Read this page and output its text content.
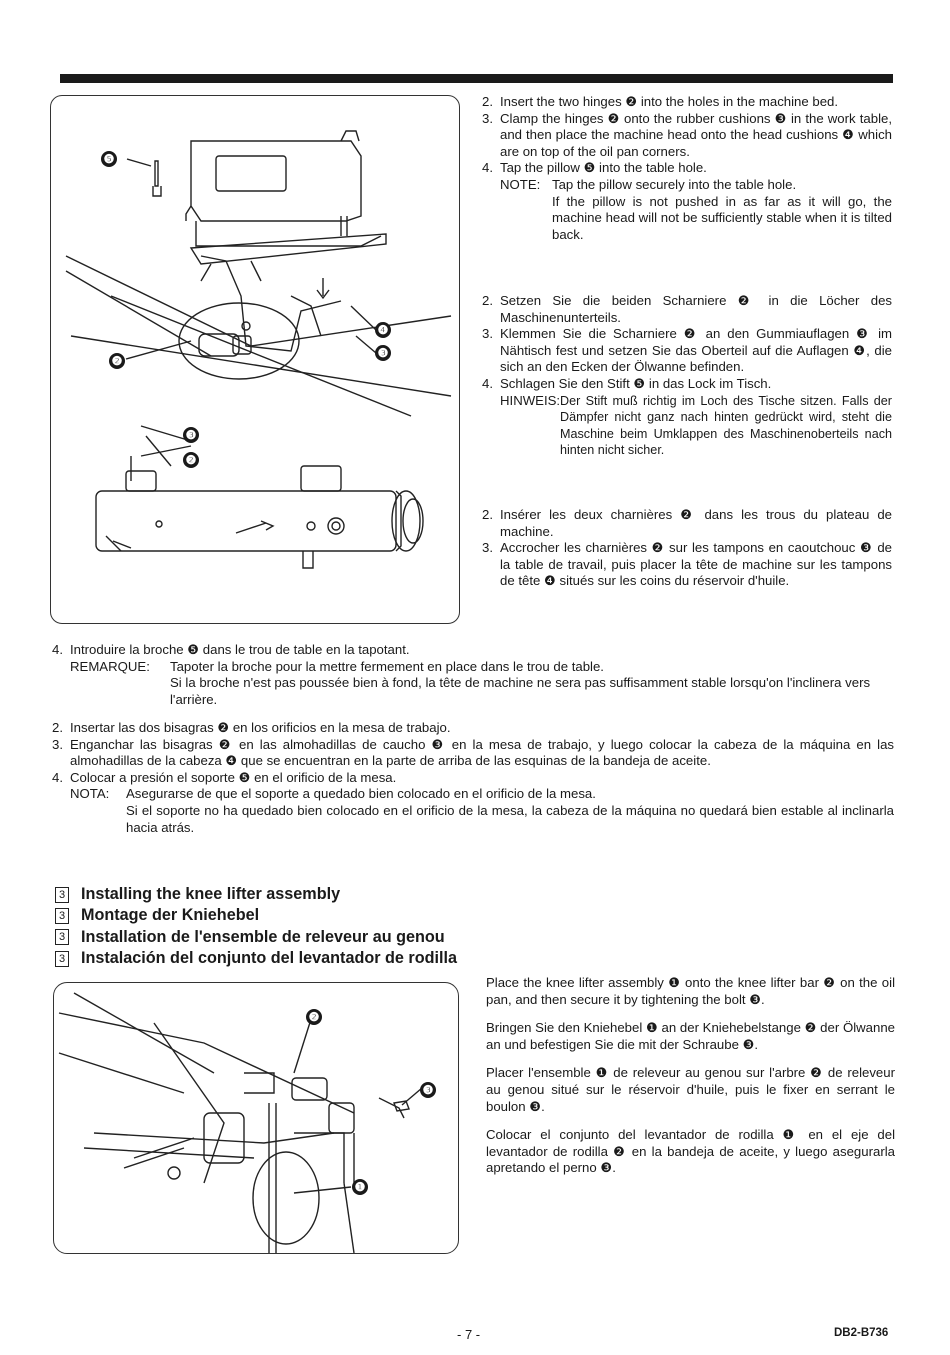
❺
❹
❸
❷
❸
❷
2. Insert the two hinges ❷ into the holes in the machine bed.
3. Clamp the hinges ❷ onto the rubber cushions ❸ in the work table, and then place the machine head onto the head cushions ❹ which are on top of the oil pan corners.
4. Tap the pillow ❺ into the table hole.
NOTE: Tap the pillow securely into the table hole.
If the pillow is not pushed in as far as it will go, the machine head will not be sufficiently stable when it is tilted back.
2. Setzen Sie die beiden Scharniere ❷ in die Löcher des Maschinenunterteils.
3. Klemmen Sie die Scharniere ❷ an den Gummiauflagen ❸ im Nähtisch fest und setzen Sie das Oberteil auf die Auflagen ❹, die sich an den Ecken der Ölwanne befinden.
4. Schlagen Sie den Stift ❺ in das Lock im Tisch.
HINWEIS: Der Stift muß richtig im Loch des Tische sitzen. Falls der Dämpfer nicht ganz nach hinten gedrückt wird, steht die Maschine beim Umklappen des Maschinenoberteils nach hinten nicht sicher.
2. Insérer les deux charnières ❷ dans les trous du plateau de machine.
3. Accrocher les charnières ❷ sur les tampons en caoutchouc ❸ de la table de travail, puis placer la tête de machine sur les tampons de tête ❹ situés sur les coins du réservoir d'huile.
4. Introduire la broche ❺ dans le trou de table en la tapotant.
REMARQUE:	Tapoter la broche pour la mettre fermement en place dans le trou de table.
Si la broche n'est pas poussée bien à fond, la tête de machine ne sera pas suffisamment stable lorsqu'on l'inclinera vers l'arrière.
2. Insertar las dos bisagras ❷ en los orificios en la mesa de trabajo.
3. Enganchar las bisagras ❷ en las almohadillas de caucho ❸ en la mesa de trabajo, y luego colocar la cabeza de la máquina en las almohadillas de la cabeza ❹ que se encuentran en la parte de arriba de las esquinas de la bandeja de aceite.
4. Colocar a presión el soporte ❺ en el orificio de la mesa.
NOTA:	Asegurarse de que el soporte a quedado bien colocado en el orificio de la mesa.
Si el soporte no ha quedado bien colocado en el orificio de la mesa, la cabeza de la máquina no quedará bien estable al inclinarla hacia atrás.
3 Installing the knee lifter assembly
3 Montage der Kniehebel
3 Installation de l'ensemble de releveur au genou
3 Instalación del conjunto del levantador de rodilla
❷
❸
❶
Place the knee lifter assembly ❶ onto the knee lifter bar ❷ on the oil pan, and then secure it by tightening the bolt ❸.
Bringen Sie den Kniehebel ❶ an der Kniehebelstange ❷ der Ölwanne an und befestigen Sie die mit der Schraube ❸.
Placer l'ensemble ❶ de releveur au genou sur l'arbre ❷ de releveur au genou situé sur le réservoir d'huile, puis le fixer en serrant le boulon ❸.
Colocar el conjunto del levantador de rodilla ❶ en el eje del levantador de rodilla ❷ en la bandeja de aceite, y luego asegurarla apretando el perno ❸.
- 7 -	DB2-B736
